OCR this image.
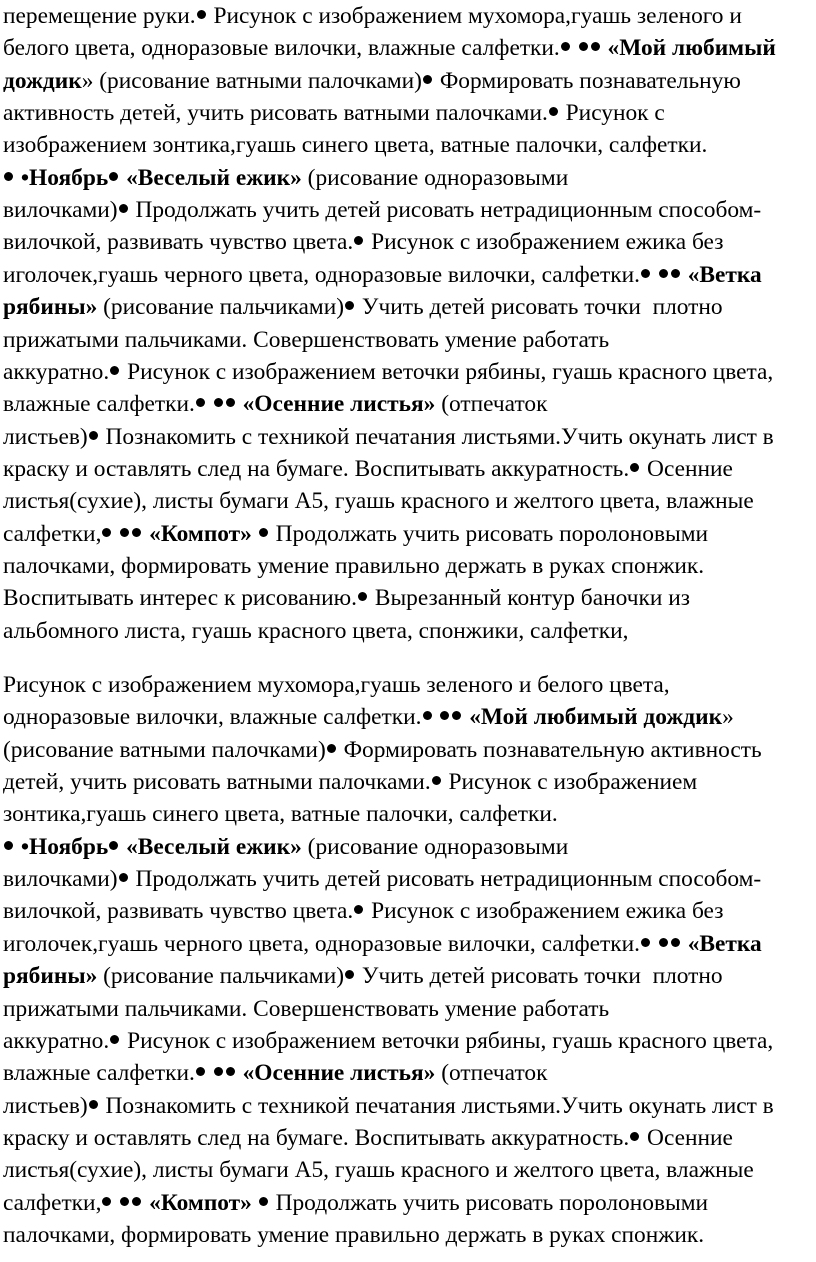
перемещение руки. Рисунок с изображением мухомора,гуашь зеленого и
белого цвета, одноразовые вилочки, влажные салфетки. «Мой любимый
дождик» (рисование ватными палочками) Формировать познавательную
активность детей, учить рисовать ватными палочками. Рисунок с
изображением зонтика,гуашь синего цвета, ватные палочки, салфетки.
•Ноябрь «Веселый ежик» (рисование одноразовыми
вилочками) Продолжать учить детей рисовать нетрадиционным способом-
вилочкой, развивать чувство цвета. Рисунок с изображением ежика без
иголочек,гуашь черного цвета, одноразовые вилочки, салфетки. «Ветка
рябины» (рисование пальчиками) Учить детей рисовать точки  плотно
прижатыми пальчиками. Совершенствовать умение работать
аккуратно. Рисунок с изображением веточки рябины, гуашь красного цвета,
влажные салфетки. «Осенние листья» (отпечаток
листьев) Познакомить с техникой печатания листьями.Учить окунать лист в
краску и оставлять след на бумаге. Воспитывать аккуратность. Осенние
листья(сухие), листы бумаги А5, гуашь красного и желтого цвета, влажные
салфетки, «Компот»  Продолжать учить рисовать поролоновыми
палочками, формировать умение правильно держать в руках спонжик.
Воспитывать интерес к рисованию. Вырезанный контур баночки из
альбомного листа, гуашь красного цвета, спонжики, салфетки,
Рисунок с изображением мухомора,гуашь зеленого и белого цвета,
одноразовые вилочки, влажные салфетки. «Мой любимый дождик»
(рисование ватными палочками) Формировать познавательную активность
детей, учить рисовать ватными палочками. Рисунок с изображением
зонтика,гуашь синего цвета, ватные палочки, салфетки.
•Ноябрь «Веселый ежик» (рисование одноразовыми
вилочками) Продолжать учить детей рисовать нетрадиционным способом-
вилочкой, развивать чувство цвета. Рисунок с изображением ежика без
иголочек,гуашь черного цвета, одноразовые вилочки, салфетки. «Ветка
рябины» (рисование пальчиками) Учить детей рисовать точки  плотно
прижатыми пальчиками. Совершенствовать умение работать
аккуратно. Рисунок с изображением веточки рябины, гуашь красного цвета,
влажные салфетки. «Осенние листья» (отпечаток
листьев) Познакомить с техникой печатания листьями.Учить окунать лист в
краску и оставлять след на бумаге. Воспитывать аккуратность. Осенние
листья(сухие), листы бумаги А5, гуашь красного и желтого цвета, влажные
салфетки, «Компот»  Продолжать учить рисовать поролоновыми
палочками, формировать умение правильно держать в руках спонжик.
